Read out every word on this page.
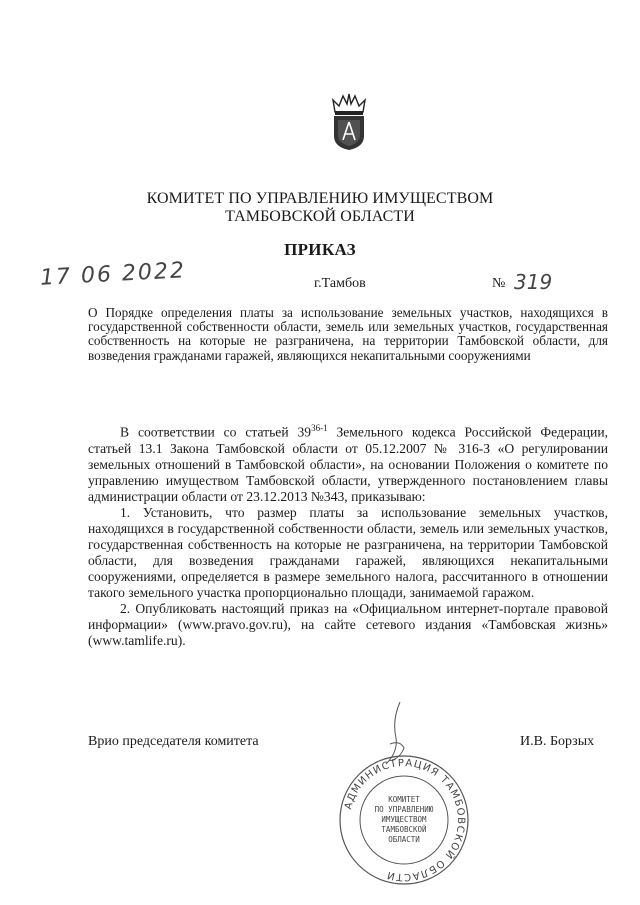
КОМИТЕТ ПО УПРАВЛЕНИЮ ИМУЩЕСТВОМ
ТАМБОВСКОЙ ОБЛАСТИ
ПРИКАЗ
17 06 2022	г.Тамбов	№ 319
О Порядке определения платы за использование земельных участков, находящихся в государственной собственности области, земель или земельных участков, государственная собственность на которые не разграничена, на территории Тамбовской области, для возведения гражданами гаражей, являющихся некапитальными сооружениями

В соответствии со статьей 39$^{36-1}$ Земельного кодекса Российской Федерации, статьей 13.1 Закона Тамбовской области от 05.12.2007 № 316-З «О регулировании земельных отношений в Тамбовской области», на основании Положения о комитете по управлению имуществом Тамбовской области, утвержденного постановлением главы администрации области от 23.12.2013 №343, приказываю:

1. Установить, что размер платы за использование земельных участков, находящихся в государственной собственности области, земель или земельных участков, государственная собственность на которые не разграничена, на территории Тамбовской области, для возведения гражданами гаражей, являющихся некапитальными сооружениями, определяется в размере земельного налога, рассчитанного в отношении такого земельного участка пропорционально площади, занимаемой гаражом.

2. Опубликовать настоящий приказ на «Официальном интернет-портале правовой информации» (www.pravo.gov.ru), на сайте сетевого издания «Тамбовская жизнь» (www.tamlife.ru).

Врио председателя комитета	И.В. Борзых
АДМИНИСТРАЦИЯ ТАМБОВСКОЙ ОБЛАСТИ
КОМИТЕТ
ПО УПРАВЛЕНИЮ
ИМУЩЕСТВОМ
ТАМБОВСКОЙ
ОБЛАСТИ
